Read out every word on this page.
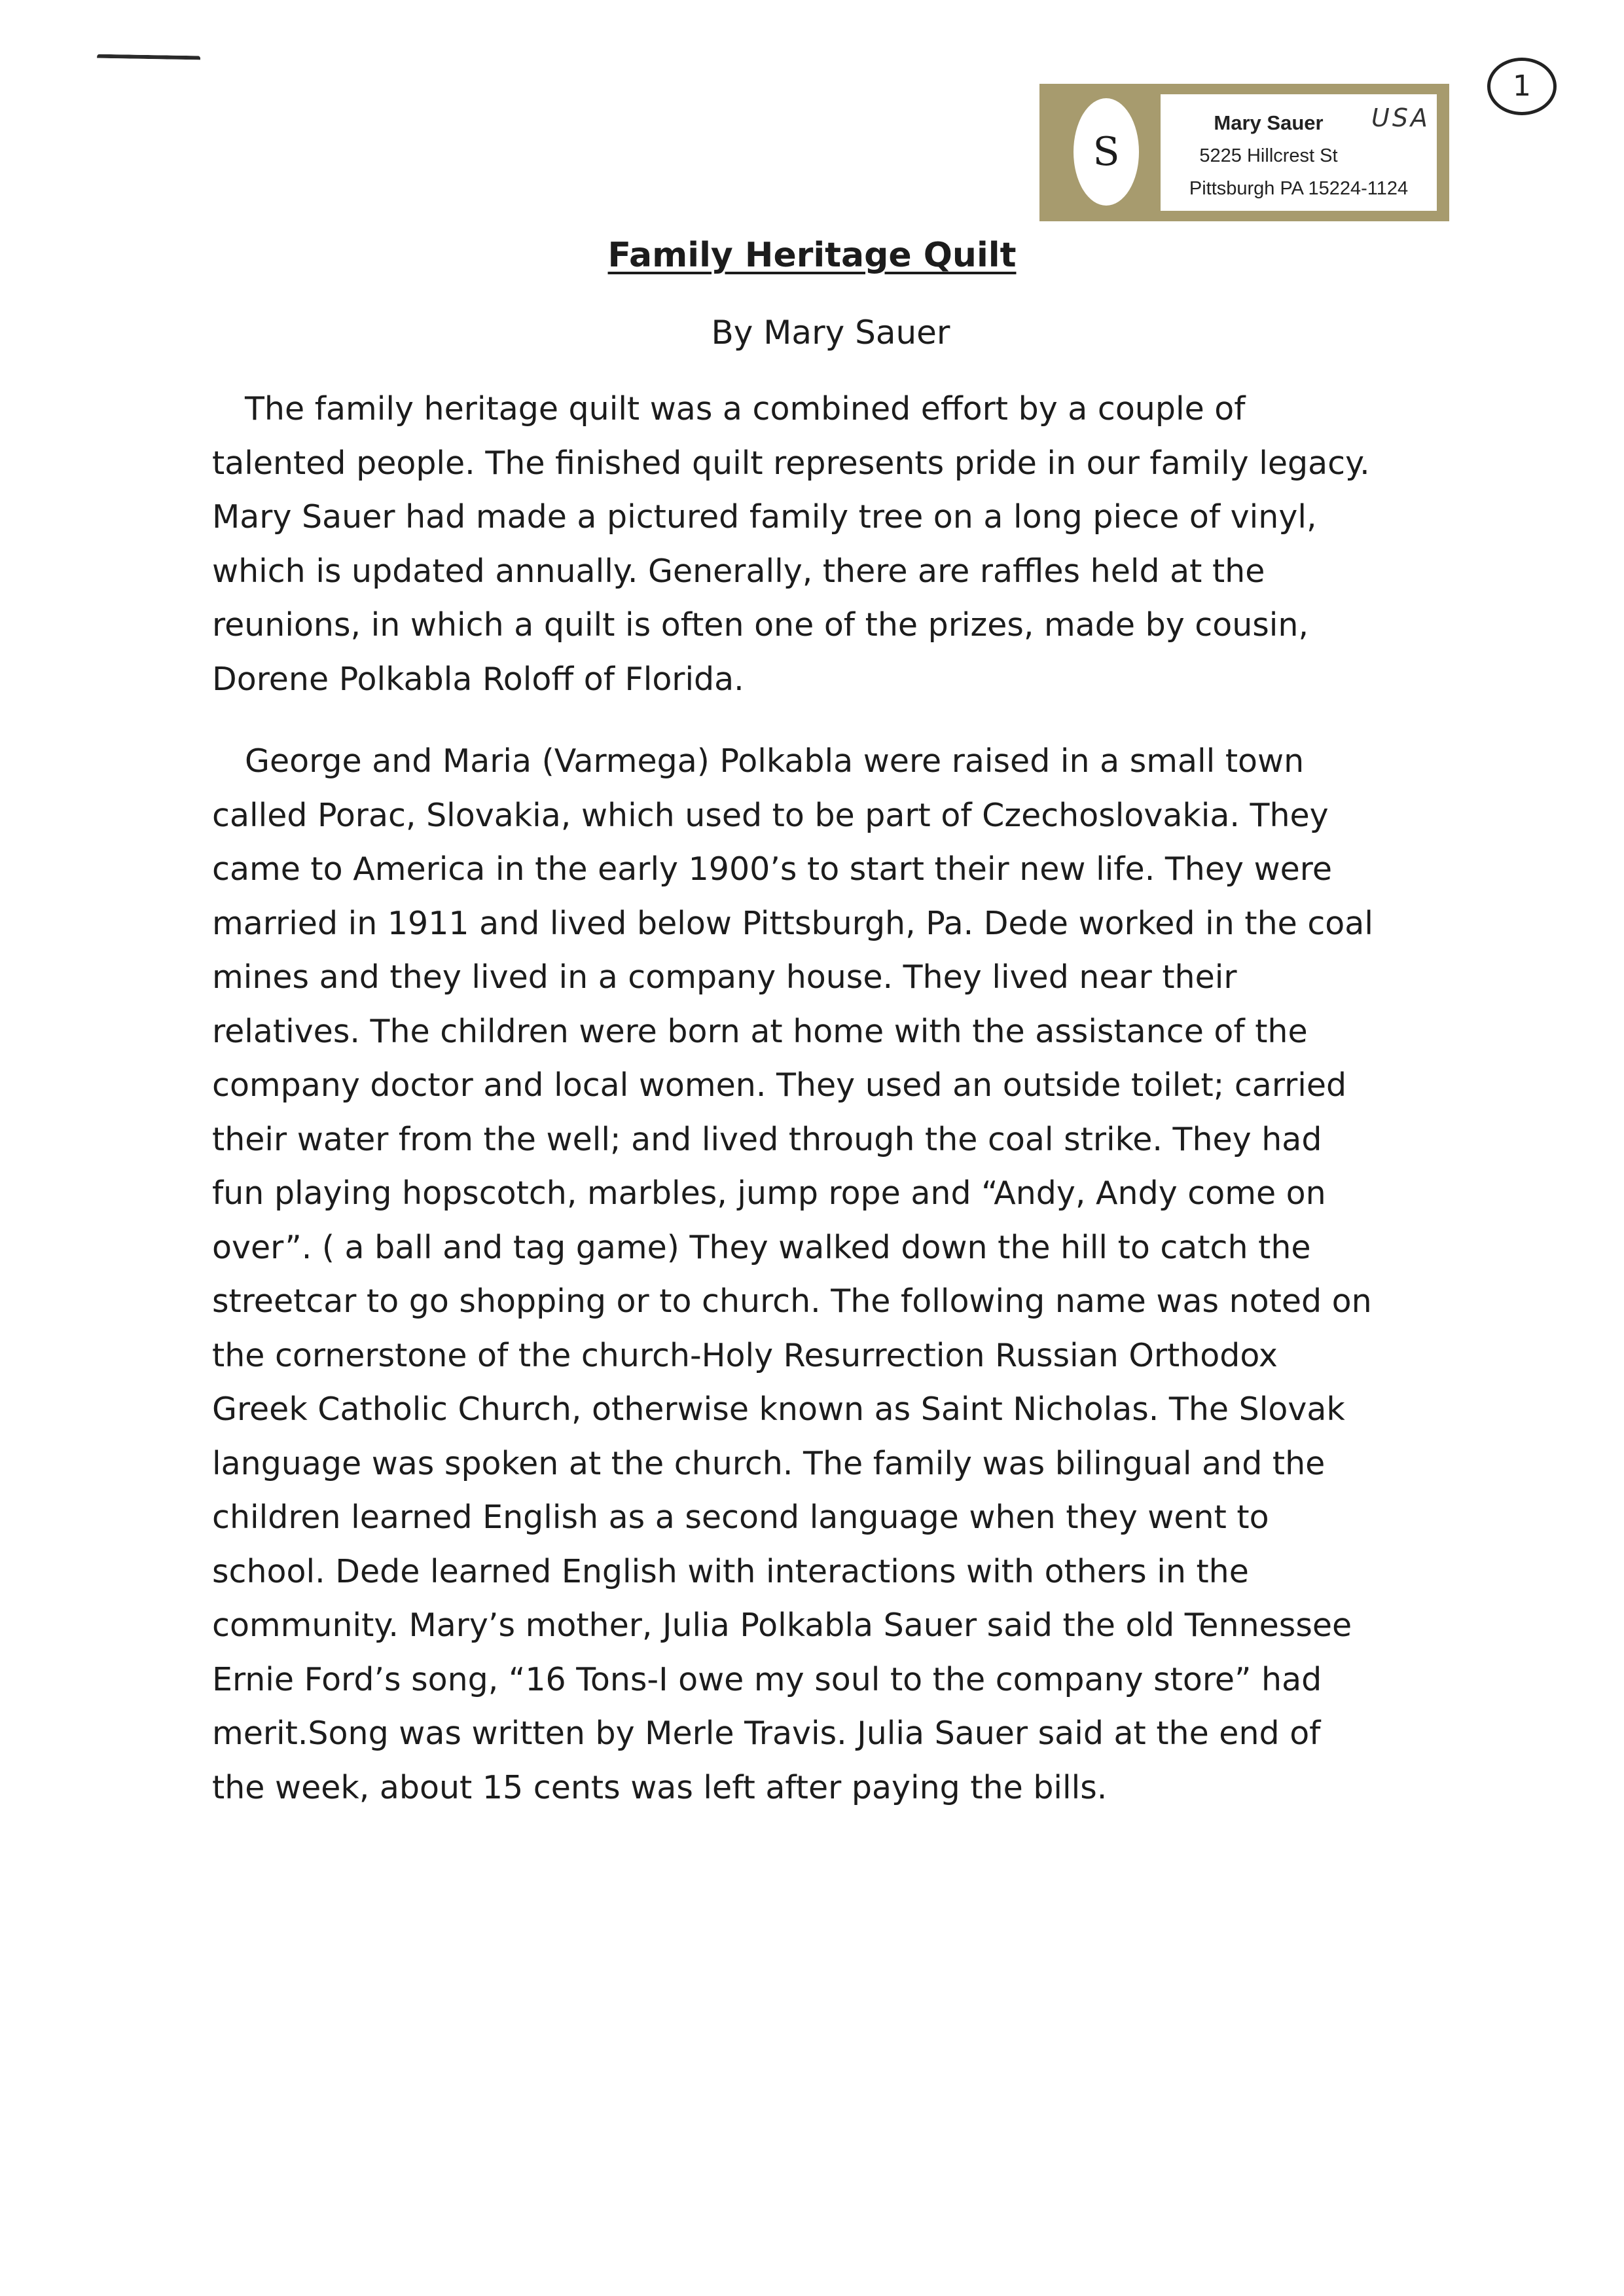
1
S
Mary Sauer	USA
5225 Hillcrest St
Pittsburgh PA 15224-1124
Family Heritage Quilt
By Mary Sauer

The family heritage quilt was a combined effort by a couple of
talented people. The finished quilt represents pride in our family legacy.
Mary Sauer had made a pictured family tree on a long piece of vinyl,
which is updated annually. Generally, there are raffles held at the
reunions, in which a quilt is often one of the prizes, made by cousin,
Dorene Polkabla Roloff of Florida.

George and Maria (Varmega) Polkabla were raised in a small town
called Porac, Slovakia, which used to be part of Czechoslovakia. They
came to America in the early 1900’s to start their new life. They were
married in 1911 and lived below Pittsburgh, Pa. Dede worked in the coal
mines and they lived in a company house. They lived near their
relatives. The children were born at home with the assistance of the
company doctor and local women. They used an outside toilet; carried
their water from the well; and lived through the coal strike. They had
fun playing hopscotch, marbles, jump rope and “Andy, Andy come on
over”. ( a ball and tag game) They walked down the hill to catch the
streetcar to go shopping or to church. The following name was noted on
the cornerstone of the church-Holy Resurrection Russian Orthodox
Greek Catholic Church, otherwise known as Saint Nicholas. The Slovak
language was spoken at the church. The family was bilingual and the
children learned English as a second language when they went to
school. Dede learned English with interactions with others in the
community. Mary’s mother, Julia Polkabla Sauer said the old Tennessee
Ernie Ford’s song, “16 Tons-I owe my soul to the company store” had
merit.Song was written by Merle Travis. Julia Sauer said at the end of
the week, about 15 cents was left after paying the bills.
